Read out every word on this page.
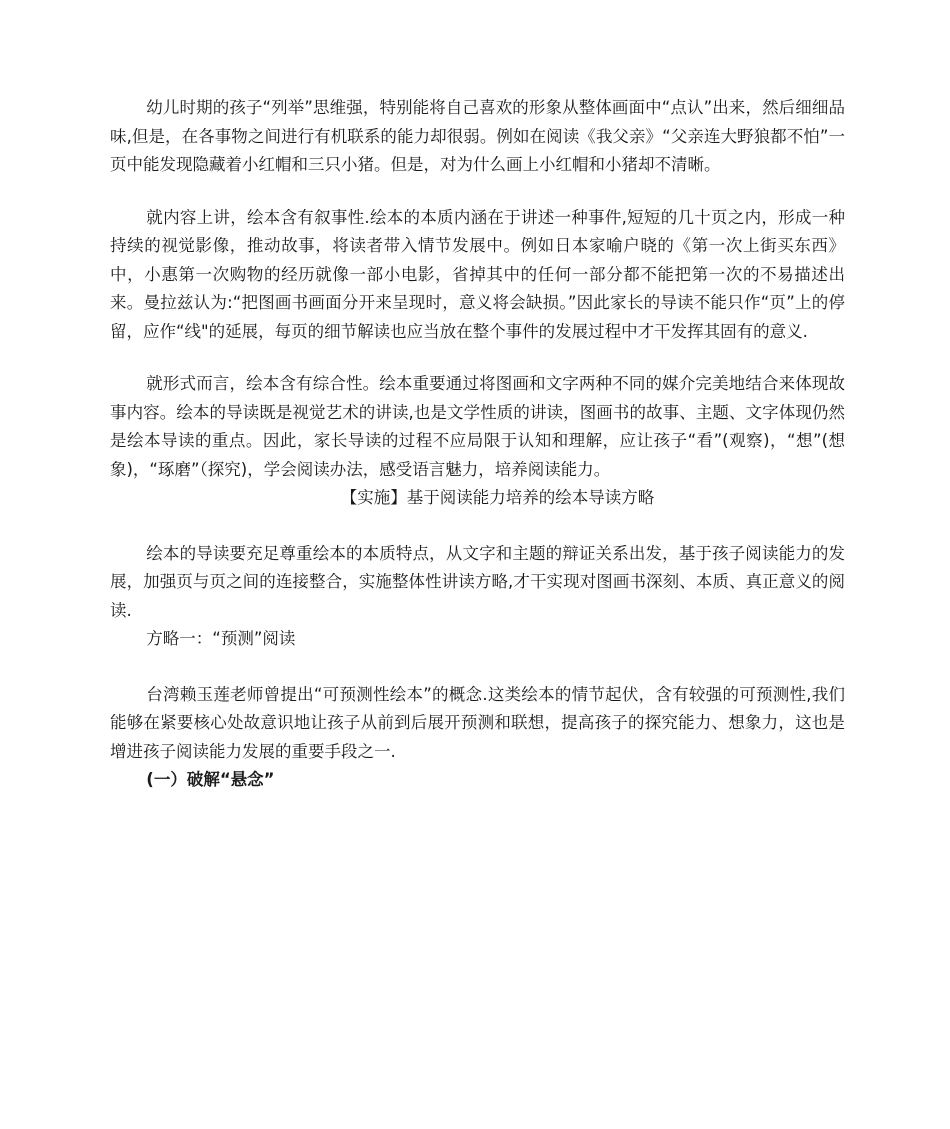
幼儿时期的孩子“列举”思维强，特别能将自己喜欢的形象从整体画面中“点认”出来，然后细细品味,但是，在各事物之间进行有机联系的能力却很弱。例如在阅读《我父亲》“父亲连大野狼都不怕”一页中能发现隐藏着小红帽和三只小猪。但是，对为什么画上小红帽和小猪却不清晰。

就内容上讲，绘本含有叙事性.绘本的本质内涵在于讲述一种事件,短短的几十页之内，形成一种持续的视觉影像，推动故事，将读者带入情节发展中。例如日本家喻户晓的《第一次上街买东西》中，小惠第一次购物的经历就像一部小电影，省掉其中的任何一部分都不能把第一次的不易描述出来。曼拉兹认为:“把图画书画面分开来呈现时，意义将会缺损。”因此家长的导读不能只作“页”上的停留，应作“线"的延展，每页的细节解读也应当放在整个事件的发展过程中才干发挥其固有的意义.

就形式而言，绘本含有综合性。绘本重要通过将图画和文字两种不同的媒介完美地结合来体现故事内容。绘本的导读既是视觉艺术的讲读,也是文学性质的讲读，图画书的故事、主题、文字体现仍然是绘本导读的重点。因此，家长导读的过程不应局限于认知和理解，应让孩子“看”(观察)，“想”(想象)，“琢磨”（探究)，学会阅读办法，感受语言魅力，培养阅读能力。

【实施】基于阅读能力培养的绘本导读方略

绘本的导读要充足尊重绘本的本质特点，从文字和主题的辩证关系出发，基于孩子阅读能力的发展，加强页与页之间的连接整合，实施整体性讲读方略,才干实现对图画书深刻、本质、真正意义的阅读.

方略一：“预测”阅读

台湾赖玉莲老师曾提出“可预测性绘本”的概念.这类绘本的情节起伏，含有较强的可预测性,我们能够在紧要核心处故意识地让孩子从前到后展开预测和联想，提高孩子的探究能力、想象力，这也是增进孩子阅读能力发展的重要手段之一.

(一）破解“悬念”
